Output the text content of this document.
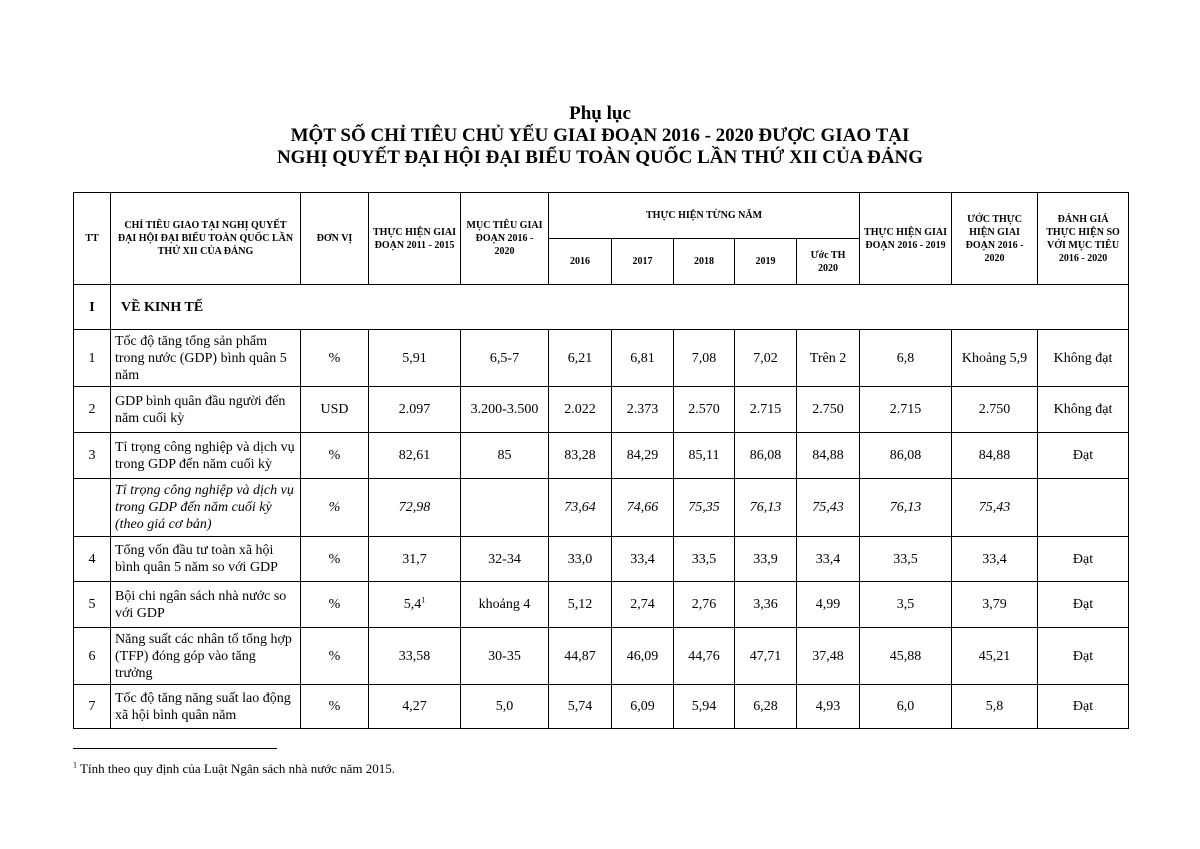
Phụ lục
MỘT SỐ CHỈ TIÊU CHỦ YẾU GIAI ĐOẠN 2016 - 2020 ĐƯỢC GIAO TẠI
NGHỊ QUYẾT ĐẠI HỘI ĐẠI BIỂU TOÀN QUỐC LẦN THỨ XII CỦA ĐẢNG
TT	CHỈ TIÊU GIAO TẠI NGHỊ QUYẾT ĐẠI HỘI ĐẠI BIỂU TOÀN QUỐC LẦN THỨ XII CỦA ĐẢNG	ĐƠN VỊ	THỰC HIỆN GIAI ĐOẠN 2011 - 2015	MỤC TIÊU GIAI ĐOẠN 2016 - 2020	THỰC HIỆN TỪNG NĂM					THỰC HIỆN GIAI ĐOẠN 2016 - 2019	ƯỚC THỰC HIỆN GIAI ĐOẠN 2016 - 2020	ĐÁNH GIÁ THỰC HIỆN SO VỚI MỤC TIÊU 2016 - 2020
					2016	2017	2018	2019	Ước TH 2020			
I	VỀ KINH TẾ											
1	Tốc độ tăng tổng sản phẩm trong nước (GDP) bình quân 5 năm	%	5,91	6,5-7	6,21	6,81	7,08	7,02	Trên 2	6,8	Khoảng 5,9	Không đạt
2	GDP bình quân đầu người đến năm cuối kỳ	USD	2.097	3.200-3.500	2.022	2.373	2.570	2.715	2.750	2.715	2.750	Không đạt
3	Tỉ trọng công nghiệp và dịch vụ trong GDP đến năm cuối kỳ	%	82,61	85	83,28	84,29	85,11	86,08	84,88	86,08	84,88	Đạt
	Tỉ trọng công nghiệp và dịch vụ trong GDP đến năm cuối kỳ (theo giá cơ bản)	%	72,98		73,64	74,66	75,35	76,13	75,43	76,13	75,43	
4	Tổng vốn đầu tư toàn xã hội bình quân 5 năm so với GDP	%	31,7	32-34	33,0	33,4	33,5	33,9	33,4	33,5	33,4	Đạt
5	Bội chi ngân sách nhà nước so với GDP	%	$5,4^1$	khoảng 4	5,12	2,74	2,76	3,36	4,99	3,5	3,79	Đạt
6	Năng suất các nhân tố tổng hợp (TFP) đóng góp vào tăng trưởng	%	33,58	30-35	44,87	46,09	44,76	47,71	37,48	45,88	45,21	Đạt
7	Tốc độ tăng năng suất lao động xã hội bình quân năm	%	4,27	5,0	5,74	6,09	5,94	6,28	4,93	6,0	5,8	Đạt
$^1$ Tính theo quy định của Luật Ngân sách nhà nước năm 2015.
